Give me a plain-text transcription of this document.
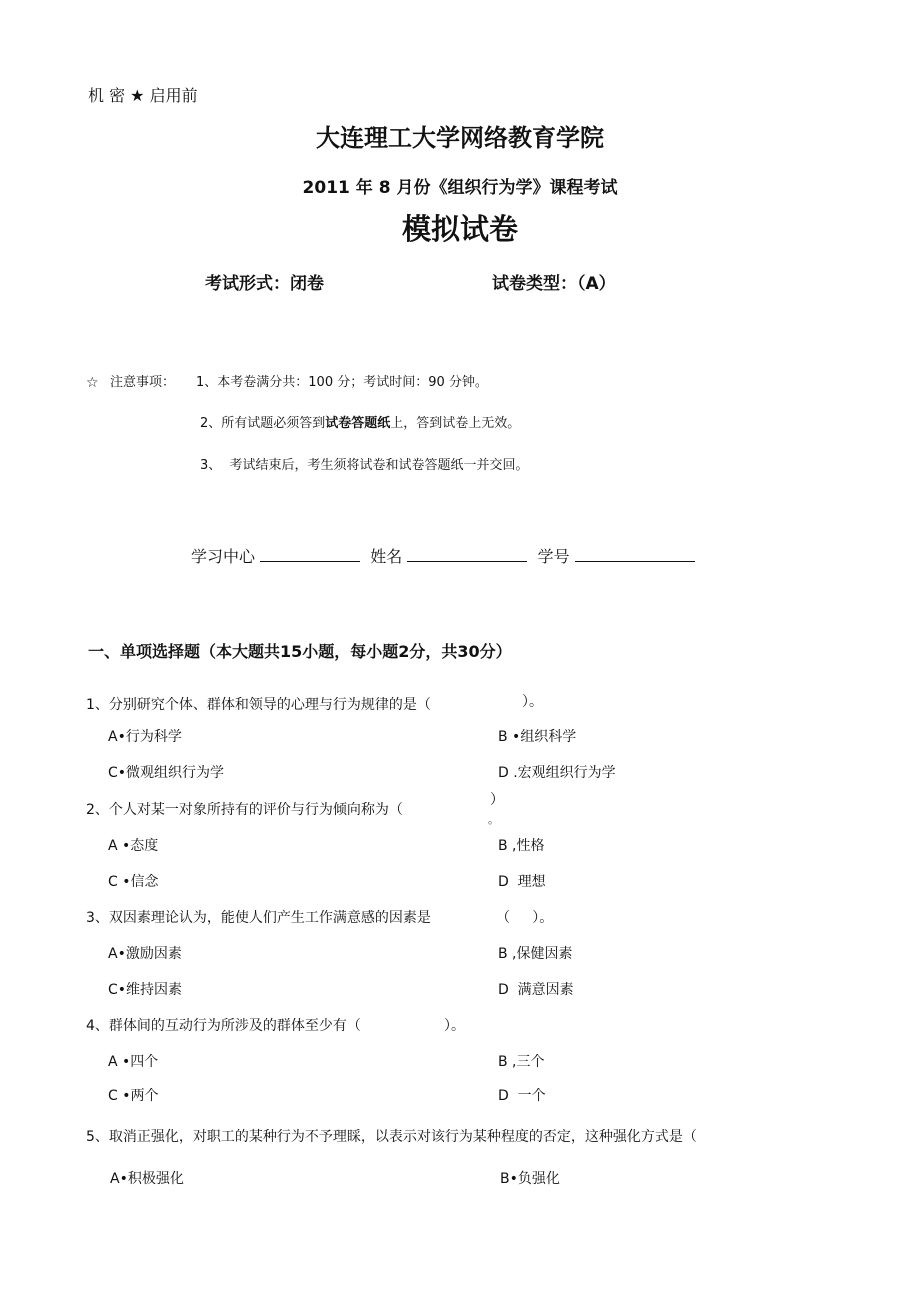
机 密 ★ 启用前
大连理工大学网络教育学院
2011 年 8 月份《组织行为学》课程考试
模拟试卷
考试形式：闭卷	试卷类型：（A）
☆ 注意事项： 1、本考卷满分共：100 分；考试时间：90 分钟。
2、所有试题必须答到试卷答题纸上，答到试卷上无效。
3、  考试结束后，考生须将试卷和试卷答题纸一并交回。
学习中心	姓名	学号
一、单项选择题（本大题共15小题，每小题2分，共30分）
1、分别研究个体、群体和领导的心理与行为规律的是（	）。
A•行为科学	B •组织科学
C•微观组织行为学	D .宏观组织行为学
2、个人对某一对象所持有的评价与行为倾向称为（
）
。
A •态度	B ,性格
C •信念	D  理想
3、双因素理论认为，能使人们产生工作满意感的因素是	（     ）。
A•激励因素	B ,保健因素
C•维持因素	D  满意因素
4、群体间的互动行为所涉及的群体至少有（	）。
A •四个	B ,三个
C •两个	D  一个
5、取消正强化，对职工的某种行为不予理睬，以表示对该行为某种程度的否定，这种强化方式是（
A•积极强化	B•负强化
